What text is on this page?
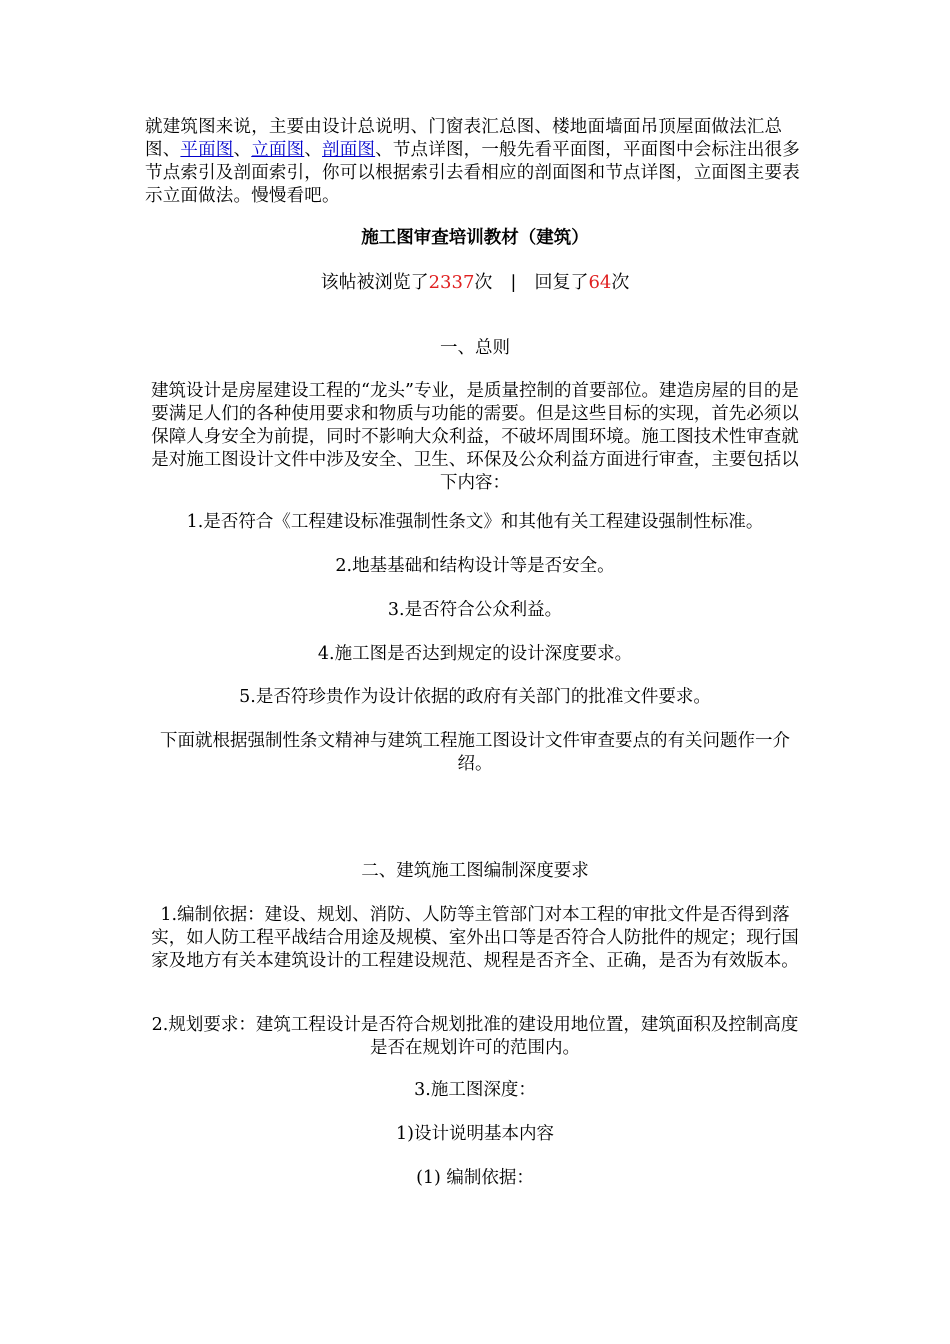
就建筑图来说，主要由设计总说明、门窗表汇总图、楼地面墙面吊顶屋面做法汇总图、平面图、立面图、剖面图、节点详图，一般先看平面图，平面图中会标注出很多节点索引及剖面索引，你可以根据索引去看相应的剖面图和节点详图，立面图主要表示立面做法。慢慢看吧。

施工图审查培训教材（建筑）

该帖被浏览了2337次 | 回复了64次

一、总则

建筑设计是房屋建设工程的“龙头”专业，是质量控制的首要部位。建造房屋的目的是要满足人们的各种使用要求和物质与功能的需要。但是这些目标的实现，首先必须以保障人身安全为前提，同时不影响大众利益，不破坏周围环境。施工图技术性审查就是对施工图设计文件中涉及安全、卫生、环保及公众利益方面进行审查，主要包括以下内容：

1.是否符合《工程建设标准强制性条文》和其他有关工程建设强制性标准。

2.地基基础和结构设计等是否安全。

3.是否符合公众利益。

4.施工图是否达到规定的设计深度要求。

5.是否符珍贵作为设计依据的政府有关部门的批准文件要求。

下面就根据强制性条文精神与建筑工程施工图设计文件审查要点的有关问题作一介绍。

二、建筑施工图编制深度要求

1.编制依据：建设、规划、消防、人防等主管部门对本工程的审批文件是否得到落实，如人防工程平战结合用途及规模、室外出口等是否符合人防批件的规定；现行国家及地方有关本建筑设计的工程建设规范、规程是否齐全、正确，是否为有效版本。

2.规划要求：建筑工程设计是否符合规划批准的建设用地位置，建筑面积及控制高度是否在规划许可的范围内。

3.施工图深度：

1)设计说明基本内容

(1) 编制依据：
